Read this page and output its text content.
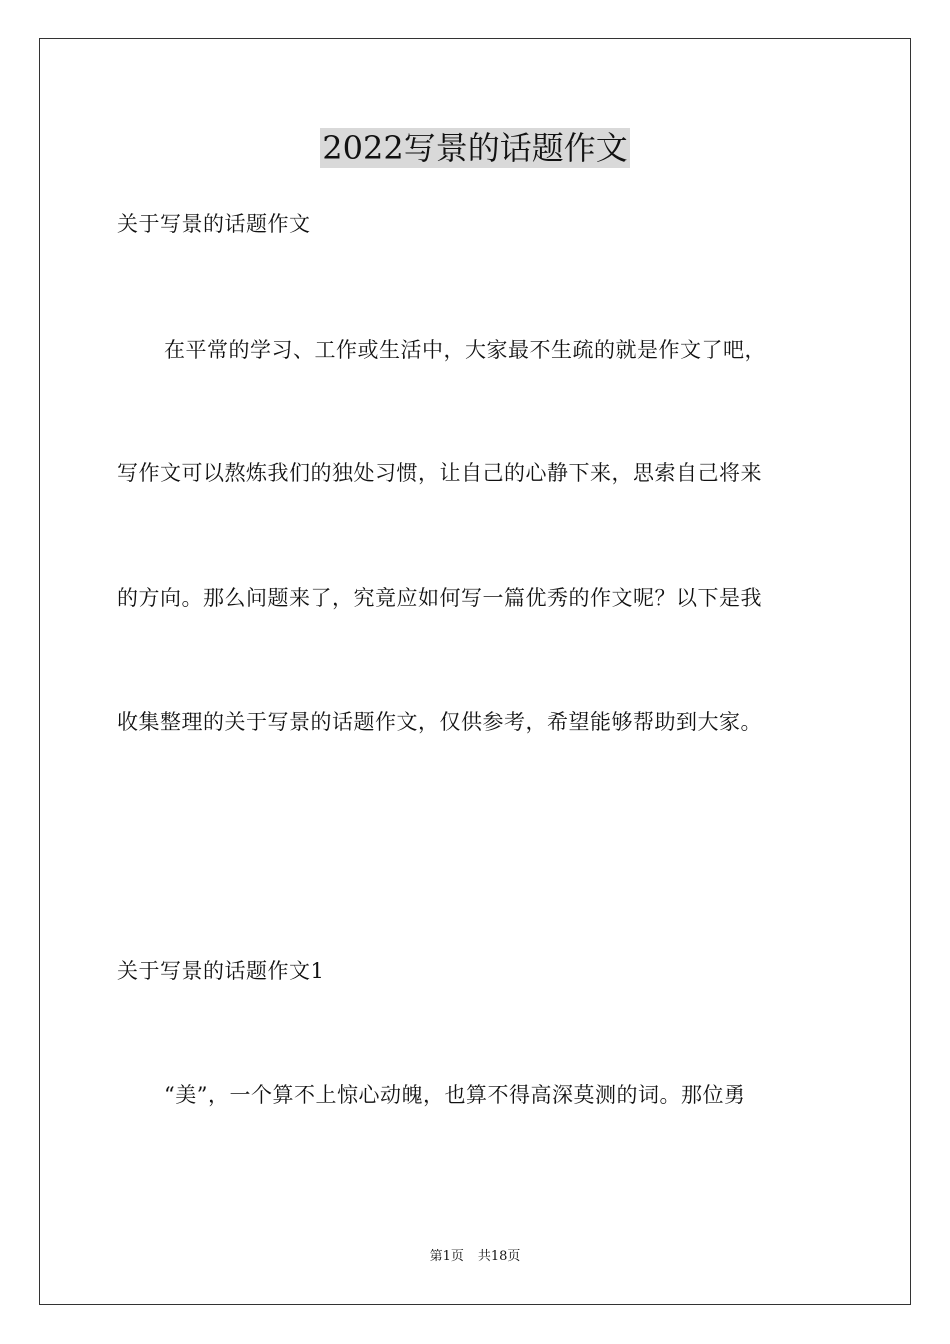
2022写景的话题作文
关于写景的话题作文
在平常的学习、工作或生活中，大家最不生疏的就是作文了吧，
写作文可以熬炼我们的独处习惯，让自己的心静下来，思索自己将来
的方向。那么问题来了，究竟应如何写一篇优秀的作文呢？以下是我
收集整理的关于写景的话题作文，仅供参考，希望能够帮助到大家。
关于写景的话题作文1
“美”，一个算不上惊心动魄，也算不得高深莫测的词。那位勇
第1页 共18页
